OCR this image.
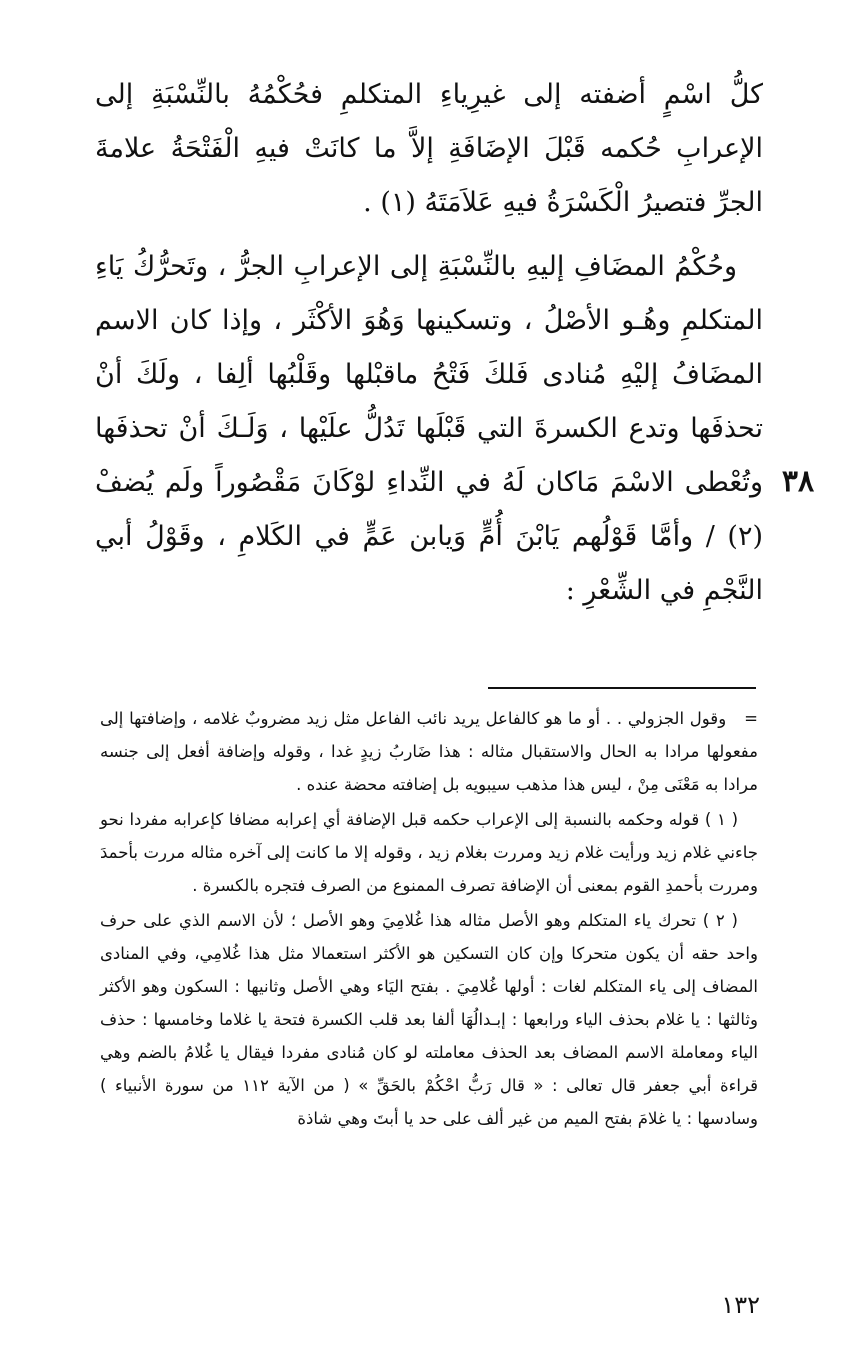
كلُّ اسْمٍ أضفته إلى غيرِياءِ المتكلمِ فحُكْمُهُ بالنِّسْبَةِ إلى الإعرابِ حُكمه قَبْلَ الإضَافَةِ إلاَّ ما كانَتْ فيهِ الْفَتْحَةُ علامةَ الجرِّ فتصيرُ الْكَسْرَةُ فيهِ عَلاَمَتَهُ (١) .

وحُكْمُ المضَافِ إليهِ بالنِّسْبَةِ إلى الإعرابِ الجرُّ ، وتَحرُّكُ يَاءِ المتكلمِ وهُـو الأصْلُ ، وتسكينها وَهُوَ الأكْثَر ، وإذا كان الاسم المضَافُ إليْهِ مُنادى فَلكَ فَتْحُ ماقبْلها وقَلْبُها ألِفا ، ولَكَ أنْ تحذفَها وتدع الكسرةَ التي قَبْلَها تَدُلُّ علَيْها ، وَلَـكَ أنْ تحذفَها وتُعْطى الاسْمَ مَاكان لَهُ في النِّداءِ لوْكَانَ مَقْصُوراً ولَم يُضفْ (٢) / وأمَّا قَوْلُهم يَابْنَ أُمٍّ وَيابن عَمٍّ في الكَلامِ ، وقَوْلُ أبي النَّجْمِ في الشِّعْرِ :

٣٨

=وقول الجزولي . . أو ما هو كالفاعل يريد نائب الفاعل مثل زيد مضروبٌ غلامه ، وإضافتها إلى مفعولها مرادا به الحال والاستقبال مثاله : هذا ضَاربُ زيدٍ غدا ، وقوله وإضافة أفعل إلى جنسه مرادا به مَعْنَى مِنْ ، ليس هذا مذهب سيبويه بل إضافته محضة عنده .

( ١ ) قوله وحكمه بالنسبة إلى الإعراب حكمه قبل الإضافة أي إعرابه مضافا كإعرابه مفردا نحو جاءني غلام زيد ورأيت غلام زيد ومررت بغلام زيد ، وقوله إلا ما كانت إلى آخره مثاله مررت بأحمدَ ومررت بأحمدِ القوم بمعنى أن الإضافة تصرف الممنوع من الصرف فتجره بالكسرة .

( ٢ ) تحرك ياء المتكلم وهو الأصل مثاله هذا غُلامِيَ وهو الأصل ؛ لأن الاسم الذي على حرف واحد حقه أن يكون متحركا وإن كان التسكين هو الأكثر استعمالا مثل هذا غُلامِي، وفي المنادى المضاف إلى ياء المتكلم لغات : أولها غُلامِيَ . بفتح اليَاء وهي الأصل وثانيها : السكون وهو الأكثر وثالثها : يا غلام بحذف الياء ورابعها : إبـدالُهَا ألفا بعد قلب الكسرة فتحة يا غلاما وخامسها : حذف الياء ومعاملة الاسم المضاف بعد الحذف معاملته لو كان مُنادى مفردا فيقال يا غُلامُ بالضم وهي قراءة أبي جعفر قال تعالى : « قال رَبُّ احْكُمْ بالحَقِّ » ( من الآية ١١٢ من سورة الأنبياء ) وسادسها : يا غلامَ بفتح الميم من غير ألف على حد يا أبتَ وهي شاذة

١٣٢
